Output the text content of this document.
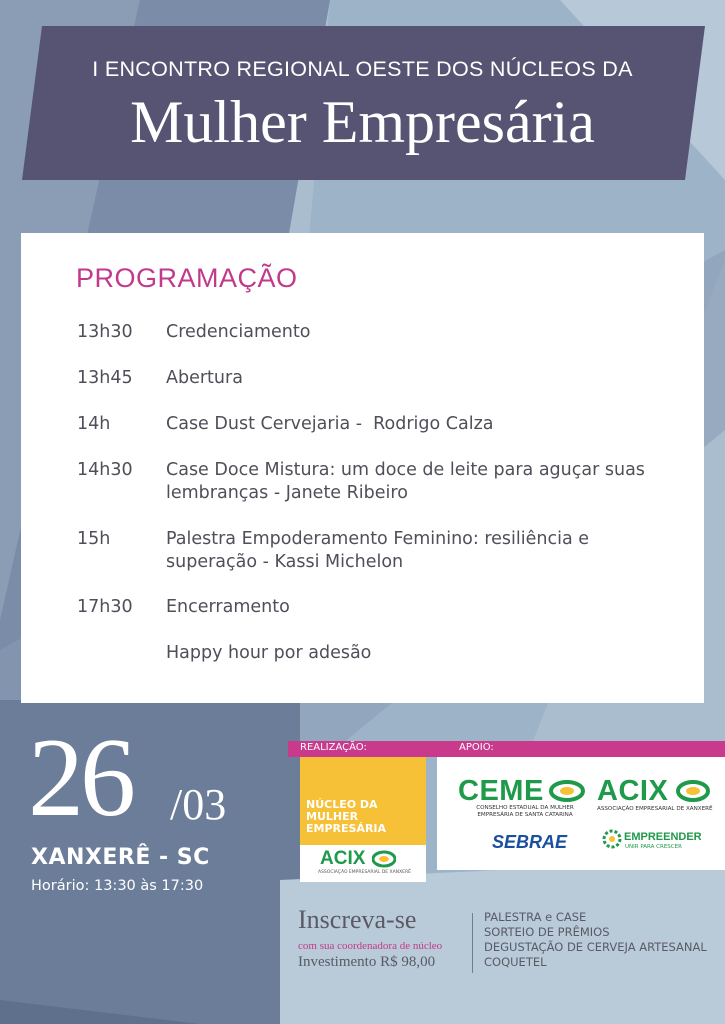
I ENCONTRO REGIONAL OESTE DOS NÚCLEOS DA
Mulher Empresária
PROGRAMAÇÃO
13h30	Credenciamento
13h45	Abertura
14h	Case Dust Cervejaria -  Rodrigo Calza
14h30	Case Doce Mistura: um doce de leite para aguçar suas lembranças - Janete Ribeiro
15h	Palestra Empoderamento Feminino: resiliência e superação - Kassi Michelon
17h30	Encerramento
Happy hour por adesão
26 /03
XANXERÊ - SC
Horário: 13:30 às 17:30
REALIZAÇÃO:	APOIO:
NÚCLEO DA MULHER EMPRESÁRIA
ACIX
ASSOCIAÇÃO EMPRESARIAL DE XANXERÊ
CEME
CONSELHO ESTADUAL DA MULHER EMPRESÁRIA DE SANTA CATARINA
ACIX
ASSOCIAÇÃO EMPRESARIAL DE XANXERÊ
SEBRAE	EMPREENDER
UNIR PARA CRESCER
Inscreva-se
com sua coordenadora de núcleo
Investimento R$ 98,00
PALESTRA e CASE
SORTEIO DE PRÊMIOS
DEGUSTAÇÃO DE CERVEJA ARTESANAL
COQUETEL
